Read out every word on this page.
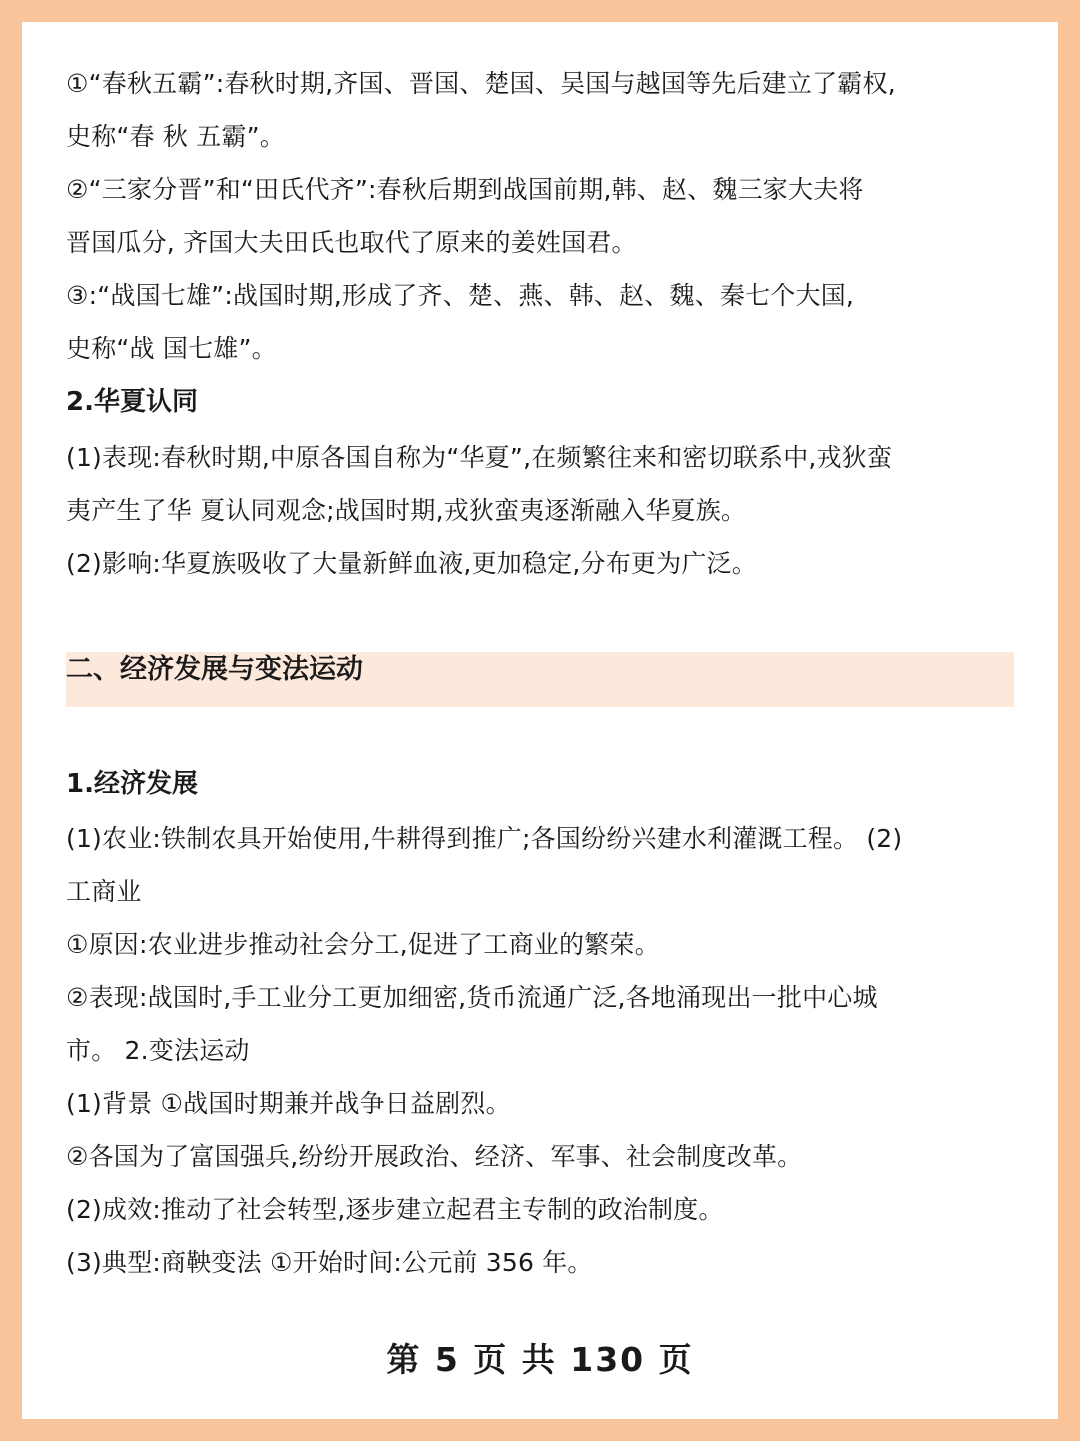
①“春秋五霸”:春秋时期,齐国、晋国、楚国、吴国与越国等先后建立了霸权,
史称“春 秋 五霸”。
②“三家分晋”和“田氏代齐”:春秋后期到战国前期,韩、赵、魏三家大夫将
晋国瓜分, 齐国大夫田氏也取代了原来的姜姓国君。
③:“战国七雄”:战国时期,形成了齐、楚、燕、韩、赵、魏、秦七个大国,
史称“战 国七雄”。
2.华夏认同
(1)表现:春秋时期,中原各国自称为“华夏”,在频繁往来和密切联系中,戎狄蛮
夷产生了华 夏认同观念;战国时期,戎狄蛮夷逐渐融入华夏族。
(2)影响:华夏族吸收了大量新鲜血液,更加稳定,分布更为广泛。
二、经济发展与变法运动
1.经济发展
(1)农业:铁制农具开始使用,牛耕得到推广;各国纷纷兴建水利灌溉工程。 (2)
工商业
①原因:农业进步推动社会分工,促进了工商业的繁荣。
②表现:战国时,手工业分工更加细密,货币流通广泛,各地涌现出一批中心城
市。 2.变法运动
(1)背景 ①战国时期兼并战争日益剧烈。
②各国为了富国强兵,纷纷开展政治、经济、军事、社会制度改革。
(2)成效:推动了社会转型,逐步建立起君主专制的政治制度。
(3)典型:商鞅变法 ①开始时间:公元前 356 年。
第 5 页 共 130 页
